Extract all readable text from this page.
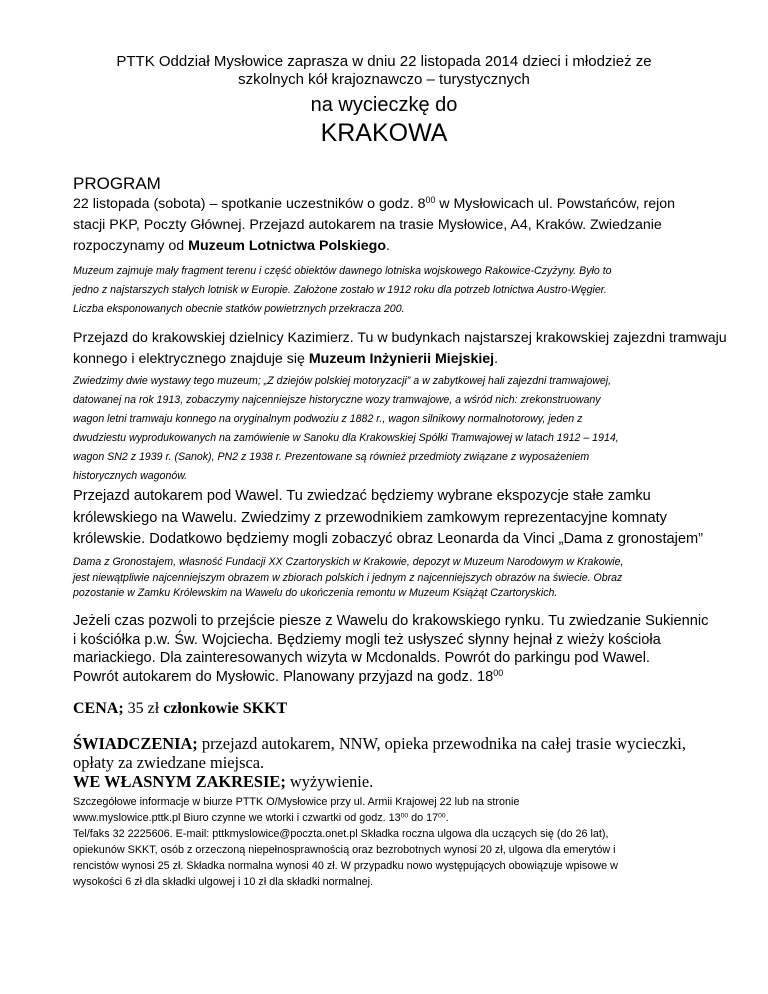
PTTK Oddział Mysłowice zaprasza w dniu 22 listopada 2014 dzieci i młodzież ze
szkolnych kół krajoznawczo – turystycznych
na wycieczkę do
KRAKOWA
PROGRAM
22 listopada (sobota) – spotkanie uczestników o godz. $8^{00}$ w Mysłowicach ul. Powstańców, rejon
stacji PKP, Poczty Głównej. Przejazd autokarem na trasie Mysłowice, A4, Kraków. Zwiedzanie
rozpoczynamy od Muzeum Lotnictwa Polskiego.
Muzeum zajmuje mały fragment terenu i część obiektów dawnego lotniska wojskowego Rakowice-Czyżyny. Było to
jedno z najstarszych stałych lotnisk w Europie. Założone zostało w 1912 roku dla potrzeb lotnictwa Austro-Węgier.
Liczba eksponowanych obecnie statków powietrznych przekracza 200.
Przejazd do krakowskiej dzielnicy Kazimierz. Tu w budynkach najstarszej krakowskiej zajezdni tramwaju
konnego i elektrycznego znajduje się Muzeum Inżynierii Miejskiej.
Zwiedzimy dwie wystawy tego muzeum; „Z dziejów polskiej motoryzacji” a w zabytkowej hali zajezdni tramwajowej,
datowanej na rok 1913, zobaczymy najcenniejsze historyczne wozy tramwajowe, a wśród nich: zrekonstruowany
wagon letni tramwaju konnego na oryginalnym podwoziu z 1882 r., wagon silnikowy normalnotorowy, jeden z
dwudziestu wyprodukowanych na zamówienie w Sanoku dla Krakowskiej Spółki Tramwajowej w latach 1912 – 1914,
wagon SN2 z 1939 r. (Sanok), PN2 z 1938 r. Prezentowane są również przedmioty związane z wyposażeniem
historycznych wagonów.
Przejazd autokarem pod Wawel. Tu zwiedzać będziemy wybrane ekspozycje stałe zamku
królewskiego na Wawelu. Zwiedzimy z przewodnikiem zamkowym reprezentacyjne komnaty
królewskie. Dodatkowo będziemy mogli zobaczyć obraz Leonarda da Vinci „Dama z gronostajem”
Dama z Gronostajem, własność Fundacji XX Czartoryskich w Krakowie, depozyt w Muzeum Narodowym w Krakowie,
jest niewątpliwie najcenniejszym obrazem w zbiorach polskich i jednym z najcenniejszych obrazów na świecie. Obraz
pozostanie w Zamku Królewskim na Wawelu do ukończenia remontu w Muzeum Książąt Czartoryskich.
Jeżeli czas pozwoli to przejście piesze z Wawelu do krakowskiego rynku. Tu zwiedzanie Sukiennic
i kościółka p.w. Św. Wojciecha. Będziemy mogli też usłyszeć słynny hejnał z wieży kościoła
mariackiego. Dla zainteresowanych wizyta w Mcdonalds. Powrót do parkingu pod Wawel.
Powrót autokarem do Mysłowic. Planowany przyjazd na godz. $18^{00}$
CENA; 35 zł członkowie SKKT
ŚWIADCZENIA; przejazd autokarem, NNW, opieka przewodnika na całej trasie wycieczki,
opłaty za zwiedzane miejsca.
WE WŁASNYM ZAKRESIE; wyżywienie.
Szczegółowe informacje w biurze PTTK O/Mysłowice przy ul. Armii Krajowej 22 lub na stronie
www.myslowice.pttk.pl Biuro czynne we wtorki i czwartki od godz. $13^{00}$ do $17^{00}$.
Tel/faks 32 2225606. E-mail: pttkmyslowice@poczta.onet.pl Składka roczna ulgowa dla uczących się (do 26 lat),
opiekunów SKKT, osób z orzeczoną niepełnosprawnością oraz bezrobotnych wynosi 20 zł, ulgowa dla emerytów i
rencistów wynosi 25 zł. Składka normalna wynosi 40 zł. W przypadku nowo występujących obowiązuje wpisowe w
wysokości 6 zł dla składki ulgowej i 10 zł dla składki normalnej.
